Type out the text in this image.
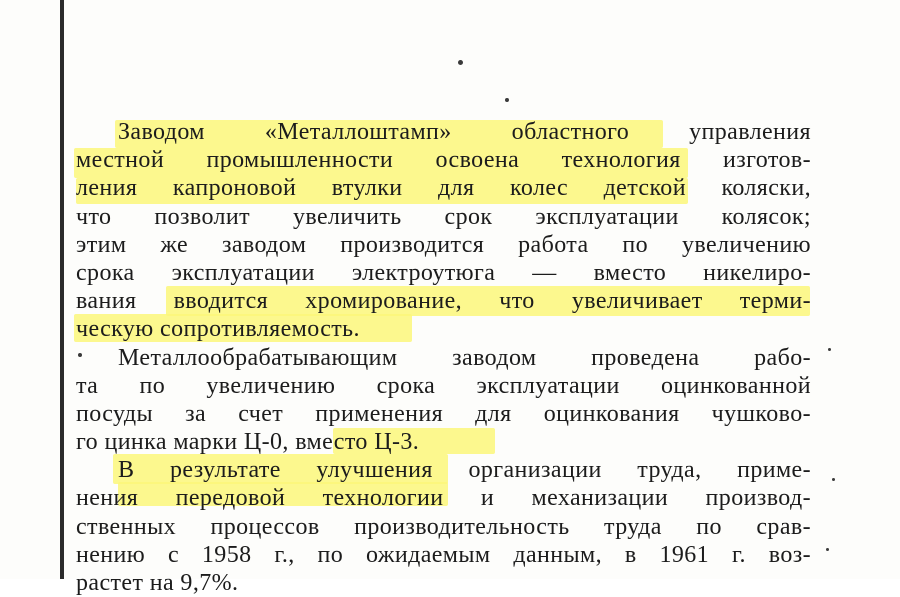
Заводом «Металлоштамп» областного управления
местной промышленности освоена технология изготов-
ления капроновой втулки для колес детской коляски,
что позволит увеличить срок эксплуатации колясок;
этим же заводом производится работа по увеличению
срока эксплуатации электроутюга — вместо никелиро-
вания вводится хромирование, что увеличивает терми-
ческую сопротивляемость.
Металлообрабатывающим заводом проведена рабо-
та по увеличению срока эксплуатации оцинкованной
посуды за счет применения для оцинкования чушково-
го цинка марки Ц-0, вместо Ц-3.
В результате улучшения организации труда, приме-
нения передовой технологии и механизации производ-
ственных процессов производительность труда по срав-
нению с 1958 г., по ожидаемым данным, в 1961 г. воз-
растет на 9,7%.
